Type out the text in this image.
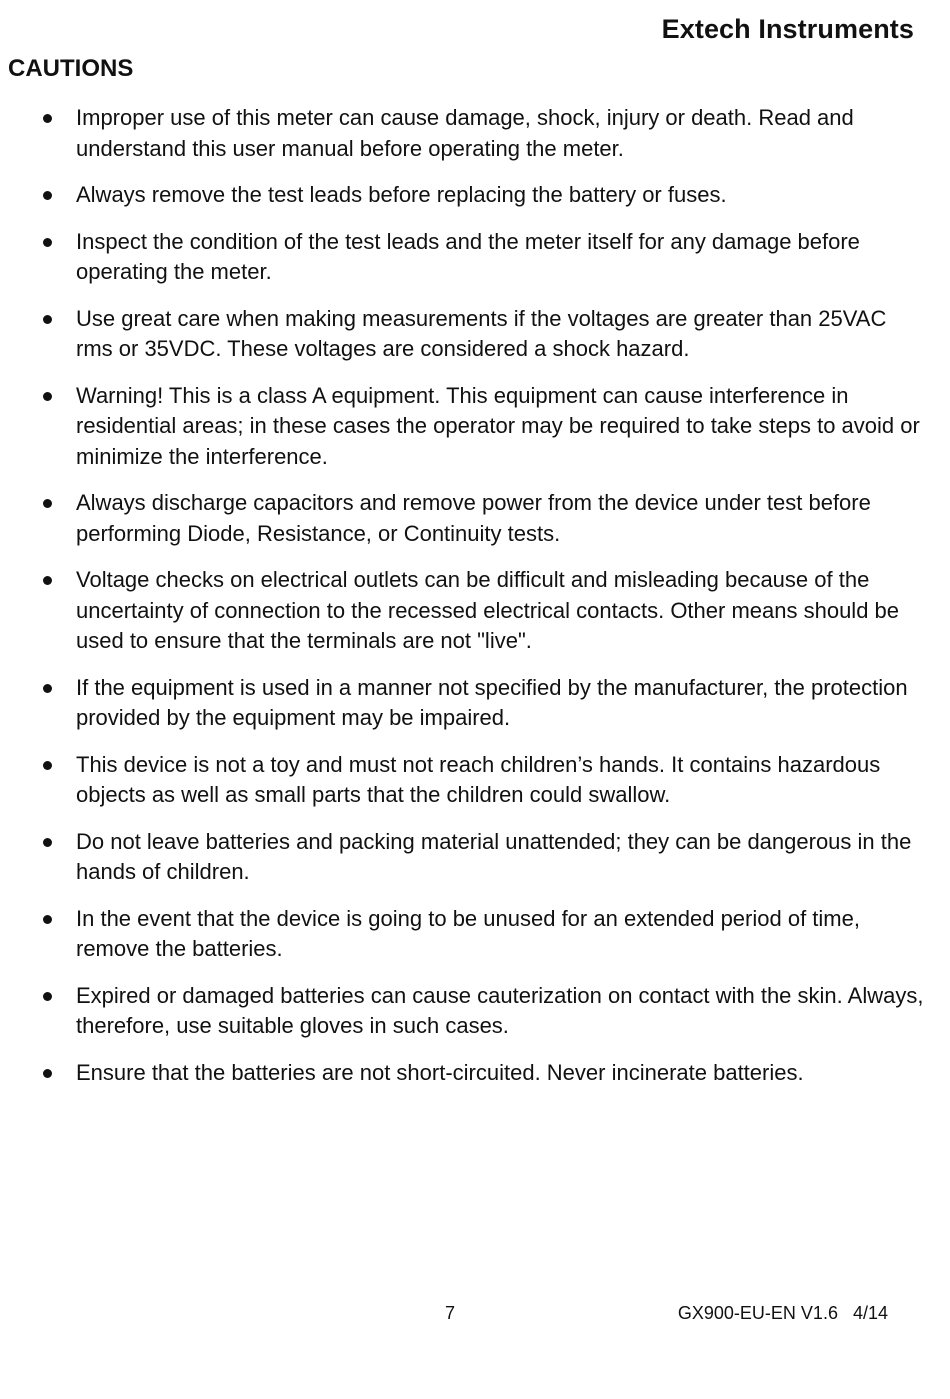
Extech Instruments
CAUTIONS
Improper use of this meter can cause damage, shock, injury or death. Read and understand this user manual before operating the meter.
Always remove the test leads before replacing the battery or fuses.
Inspect the condition of the test leads and the meter itself for any damage before operating the meter.
Use great care when making measurements if the voltages are greater than 25VAC rms or 35VDC. These voltages are considered a shock hazard.
Warning! This is a class A equipment. This equipment can cause interference in residential areas; in these cases the operator may be required to take steps to avoid or minimize the interference.
Always discharge capacitors and remove power from the device under test before performing Diode, Resistance, or Continuity tests.
Voltage checks on electrical outlets can be difficult and misleading because of the uncertainty of connection to the recessed electrical contacts. Other means should be used to ensure that the terminals are not "live".
If the equipment is used in a manner not specified by the manufacturer, the protection provided by the equipment may be impaired.
This device is not a toy and must not reach children’s hands. It contains hazardous objects as well as small parts that the children could swallow.
Do not leave batteries and packing material unattended; they can be dangerous in the hands of children.
In the event that the device is going to be unused for an extended period of time, remove the batteries.
Expired or damaged batteries can cause cauterization on contact with the skin. Always, therefore, use suitable gloves in such cases.
Ensure that the batteries are not short-circuited. Never incinerate batteries.
7	GX900-EU-EN V1.6   4/14
